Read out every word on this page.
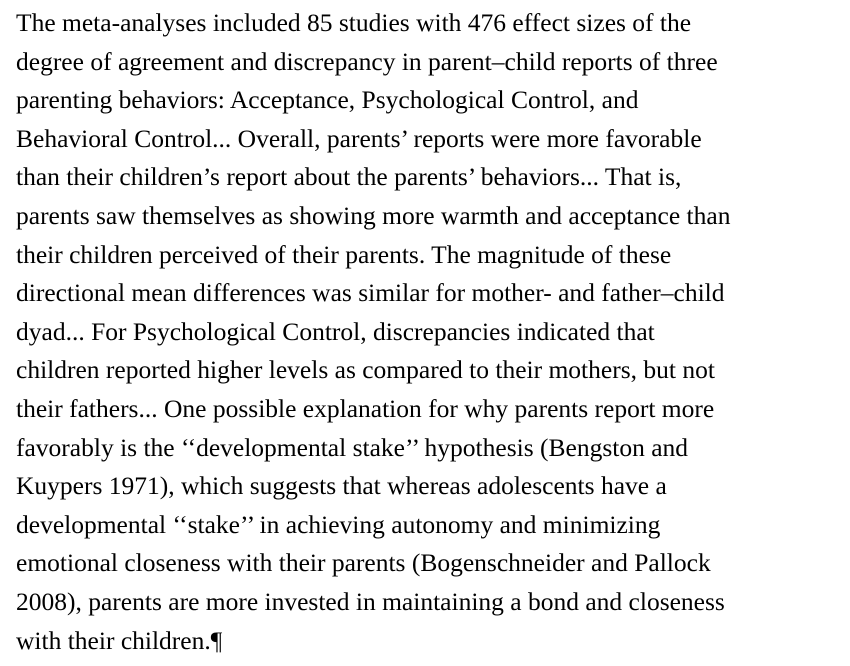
The meta-analyses included 85 studies with 476 effect sizes of the
degree of agreement and discrepancy in parent–child reports of three
parenting behaviors: Acceptance, Psychological Control, and
Behavioral Control... Overall, parents’ reports were more favorable
than their children’s report about the parents’ behaviors... That is,
parents saw themselves as showing more warmth and acceptance than
their children perceived of their parents. The magnitude of these
directional mean differences was similar for mother- and father–child
dyad... For Psychological Control, discrepancies indicated that
children reported higher levels as compared to their mothers, but not
their fathers... One possible explanation for why parents report more
favorably is the ‘‘developmental stake’’ hypothesis (Bengston and
Kuypers 1971), which suggests that whereas adolescents have a
developmental ‘‘stake’’ in achieving autonomy and minimizing
emotional closeness with their parents (Bogenschneider and Pallock
2008), parents are more invested in maintaining a bond and closeness
with their children.¶
